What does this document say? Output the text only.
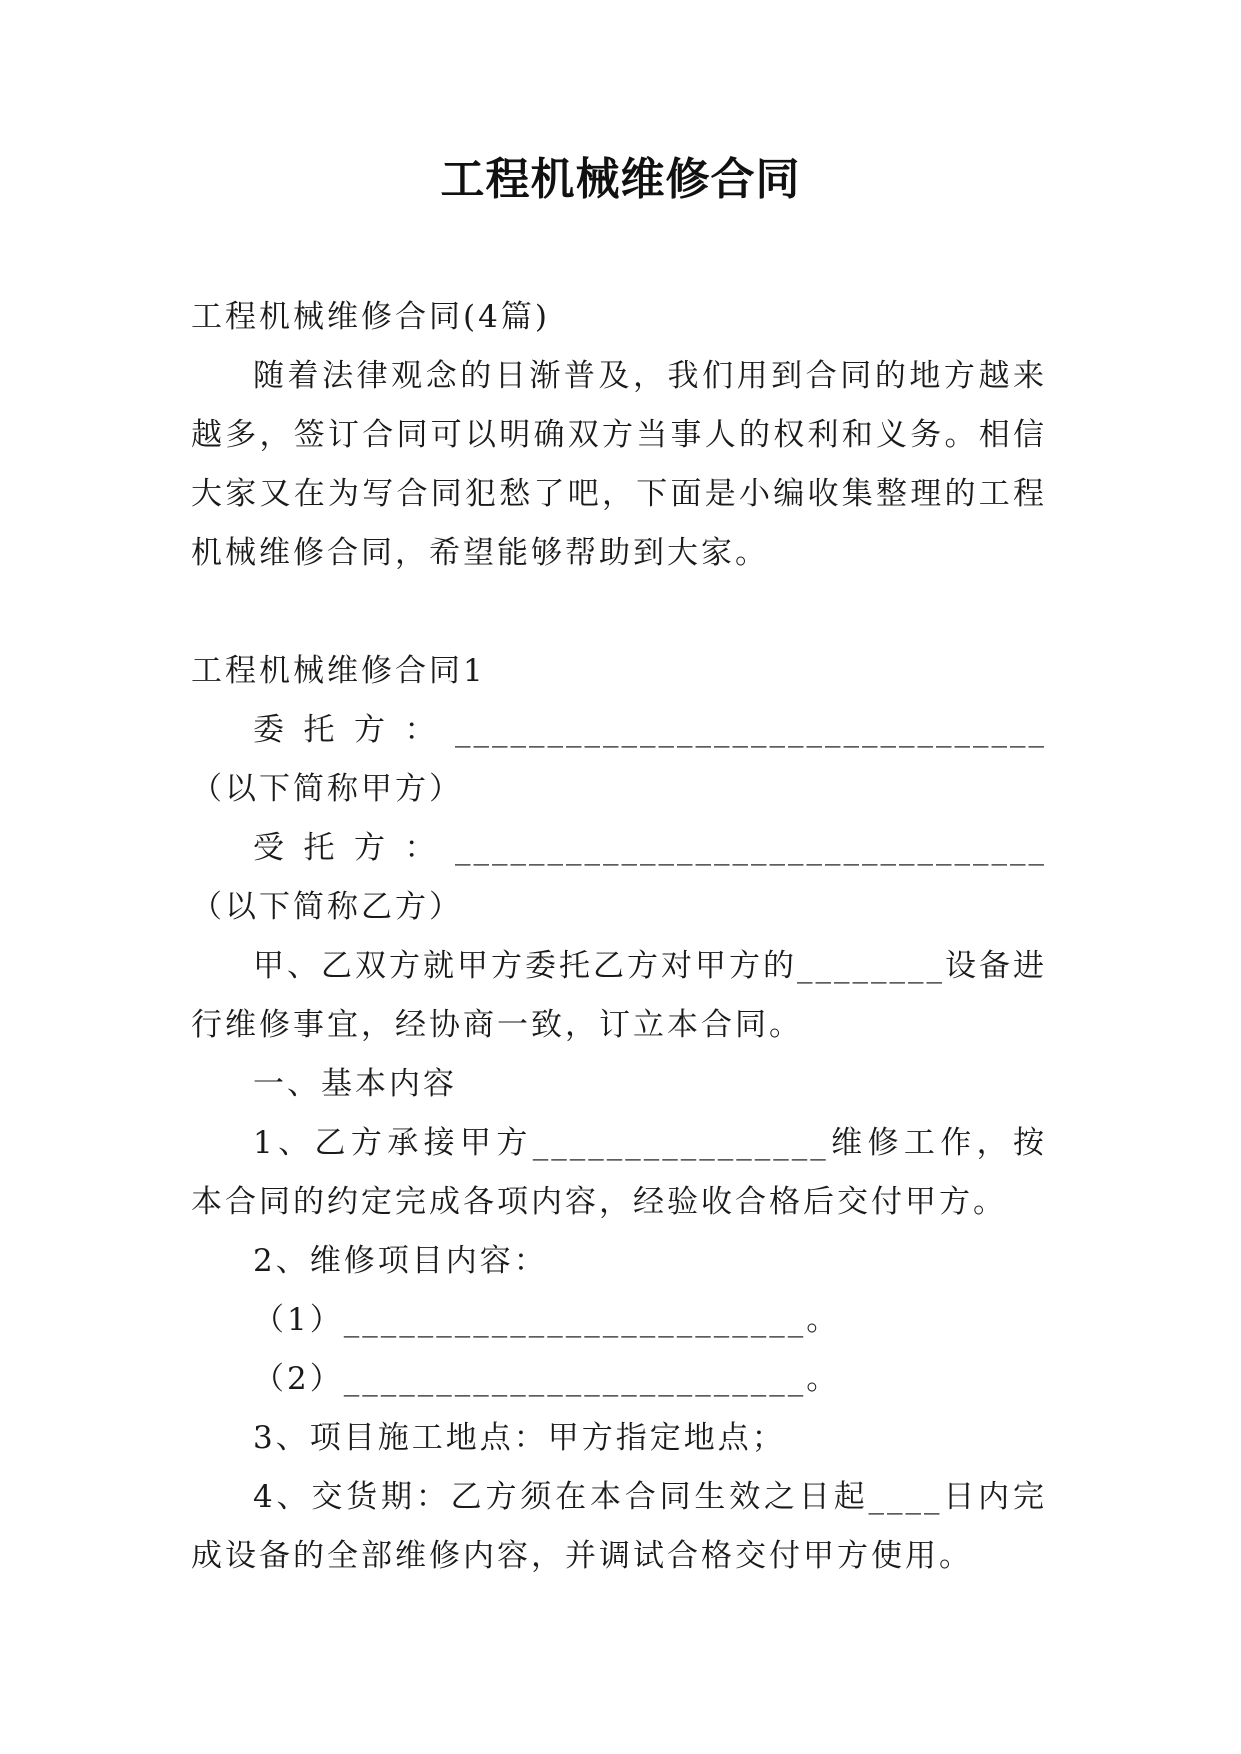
工程机械维修合同

工程机械维修合同(4篇)

随着法律观念的日渐普及，我们用到合同的地方越来越多，签订合同可以明确双方当事人的权利和义务。相信大家又在为写合同犯愁了吧，下面是小编收集整理的工程机械维修合同，希望能够帮助到大家。

工程机械维修合同1

委托方：________________________________（以下简称甲方）

受托方：________________________________（以下简称乙方）

甲、乙双方就甲方委托乙方对甲方的________设备进行维修事宜，经协商一致，订立本合同。

一、基本内容

1、乙方承接甲方________________维修工作，按本合同的约定完成各项内容，经验收合格后交付甲方。

2、维修项目内容：

（1）_________________________。

（2）_________________________。

3、项目施工地点：甲方指定地点；

4、交货期：乙方须在本合同生效之日起____日内完成设备的全部维修内容，并调试合格交付甲方使用。
